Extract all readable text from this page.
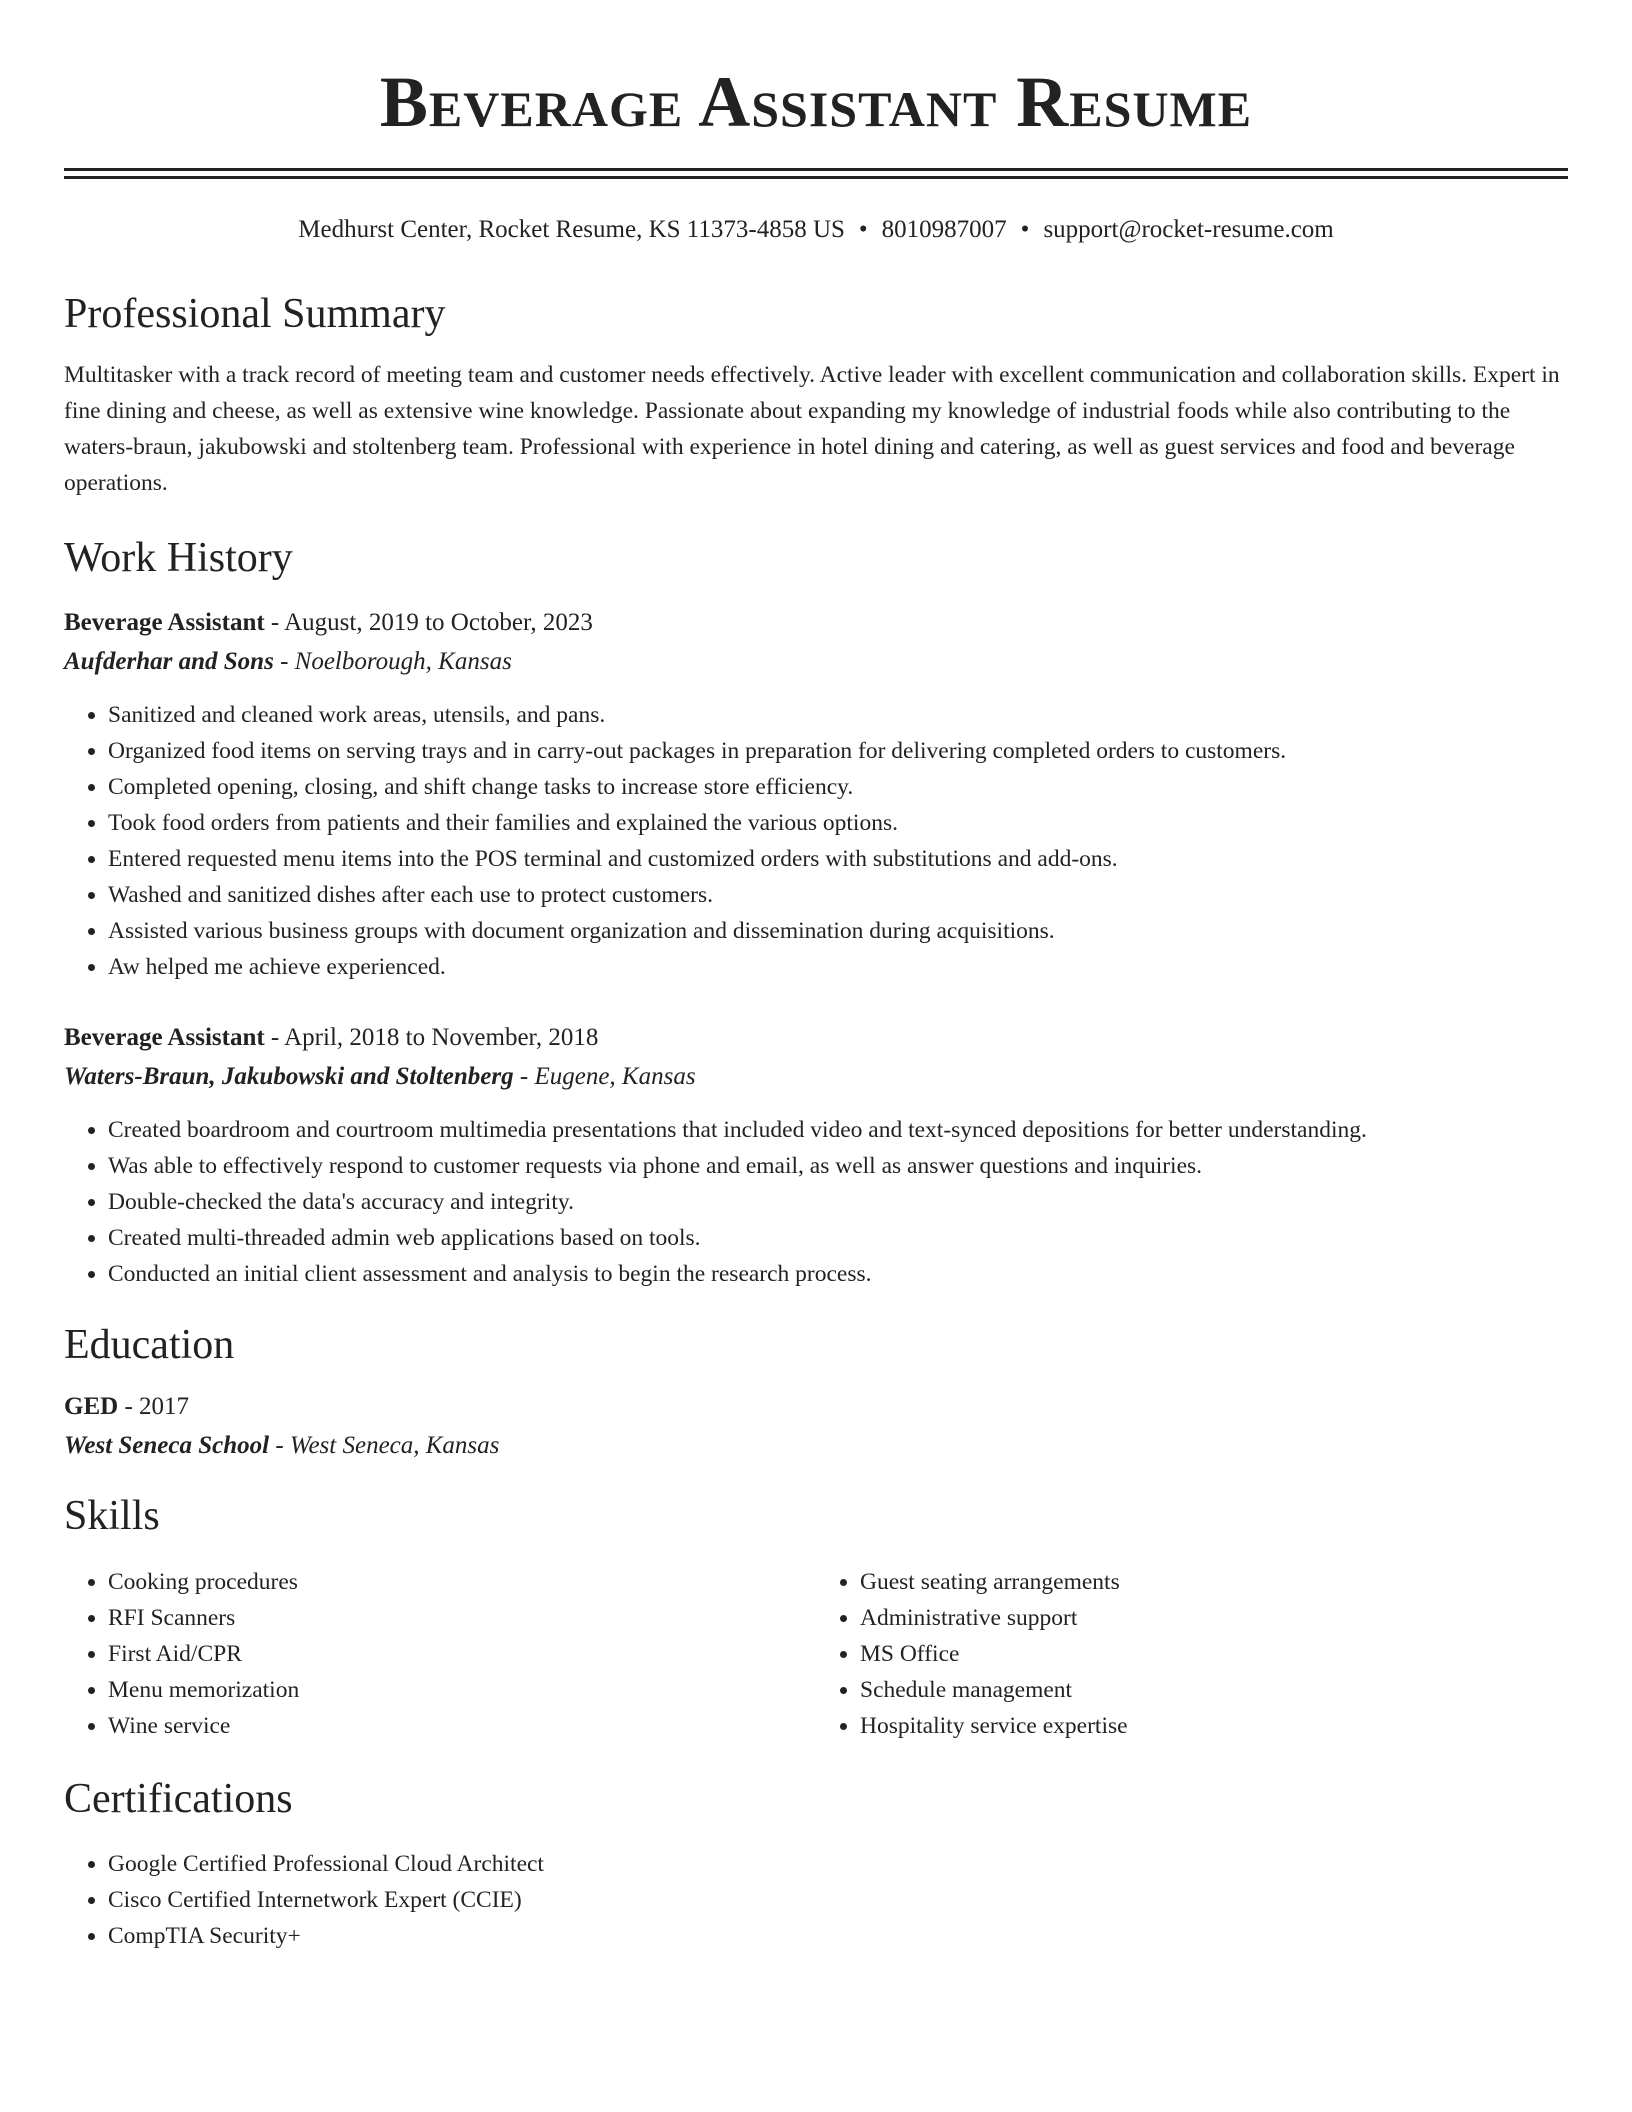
Beverage Assistant Resume
Medhurst Center, Rocket Resume, KS 11373-4858 US • 8010987007 • support@rocket-resume.com
Professional Summary
Multitasker with a track record of meeting team and customer needs effectively. Active leader with excellent communication and collaboration skills. Expert in fine dining and cheese, as well as extensive wine knowledge. Passionate about expanding my knowledge of industrial foods while also contributing to the waters-braun, jakubowski and stoltenberg team. Professional with experience in hotel dining and catering, as well as guest services and food and beverage operations.
Work History
Beverage Assistant - August, 2019 to October, 2023
Aufderhar and Sons - Noelborough, Kansas
• Sanitized and cleaned work areas, utensils, and pans.
• Organized food items on serving trays and in carry-out packages in preparation for delivering completed orders to customers.
• Completed opening, closing, and shift change tasks to increase store efficiency.
• Took food orders from patients and their families and explained the various options.
• Entered requested menu items into the POS terminal and customized orders with substitutions and add-ons.
• Washed and sanitized dishes after each use to protect customers.
• Assisted various business groups with document organization and dissemination during acquisitions.
• Aw helped me achieve experienced.
Beverage Assistant - April, 2018 to November, 2018
Waters-Braun, Jakubowski and Stoltenberg - Eugene, Kansas
• Created boardroom and courtroom multimedia presentations that included video and text-synced depositions for better understanding.
• Was able to effectively respond to customer requests via phone and email, as well as answer questions and inquiries.
• Double-checked the data's accuracy and integrity.
• Created multi-threaded admin web applications based on tools.
• Conducted an initial client assessment and analysis to begin the research process.
Education
GED - 2017
West Seneca School - West Seneca, Kansas
Skills
• Cooking procedures
• RFI Scanners
• First Aid/CPR
• Menu memorization
• Wine service
• Guest seating arrangements
• Administrative support
• MS Office
• Schedule management
• Hospitality service expertise
Certifications
• Google Certified Professional Cloud Architect
• Cisco Certified Internetwork Expert (CCIE)
• CompTIA Security+
